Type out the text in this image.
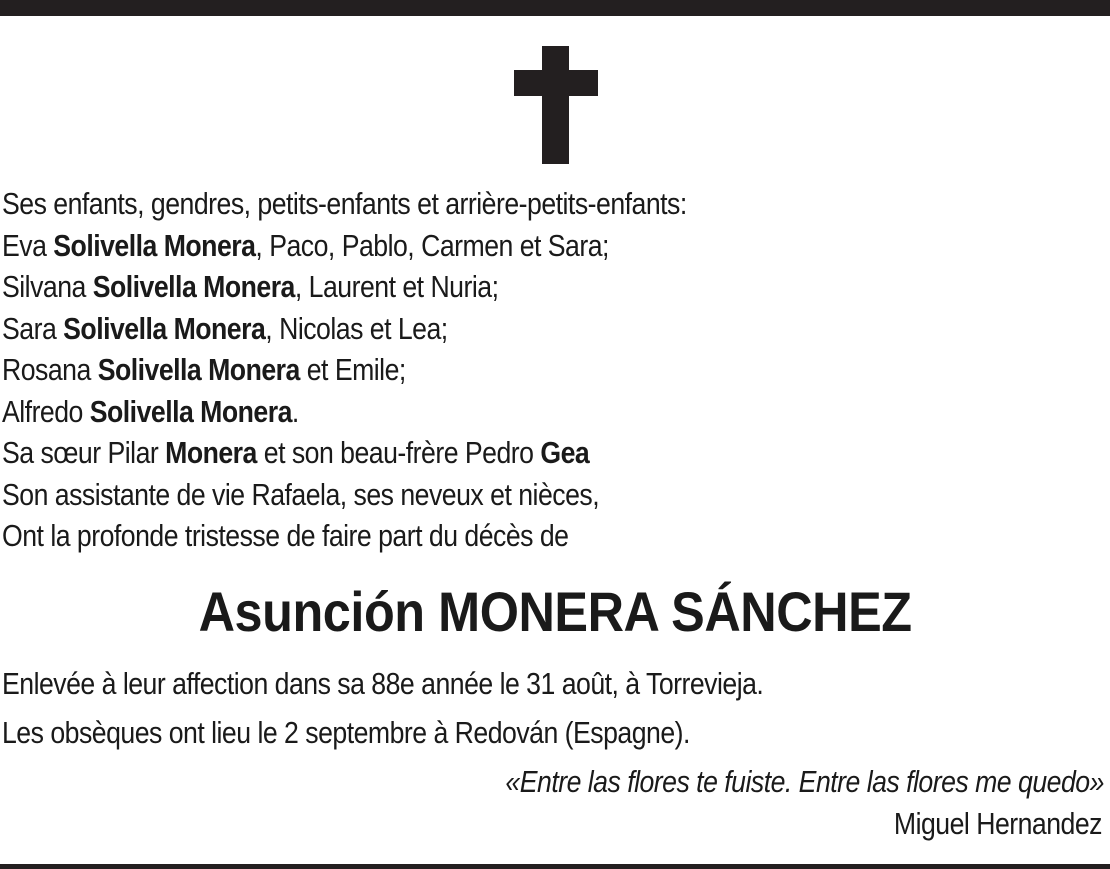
Ses enfants, gendres, petits-enfants et arrière-petits-enfants:
Eva Solivella Monera, Paco, Pablo, Carmen et Sara;
Silvana Solivella Monera, Laurent et Nuria;
Sara Solivella Monera, Nicolas et Lea;
Rosana Solivella Monera et Emile;
Alfredo Solivella Monera.
Sa sœur Pilar Monera et son beau-frère Pedro Gea
Son assistante de vie Rafaela, ses neveux et nièces,
Ont la profonde tristesse de faire part du décès de
Asunción MONERA SÁNCHEZ
Enlevée à leur affection dans sa 88e année le 31 août, à Torrevieja.
Les obsèques ont lieu le 2 septembre à Redován (Espagne).
«Entre las flores te fuiste. Entre las flores me quedo»
Miguel Hernandez
